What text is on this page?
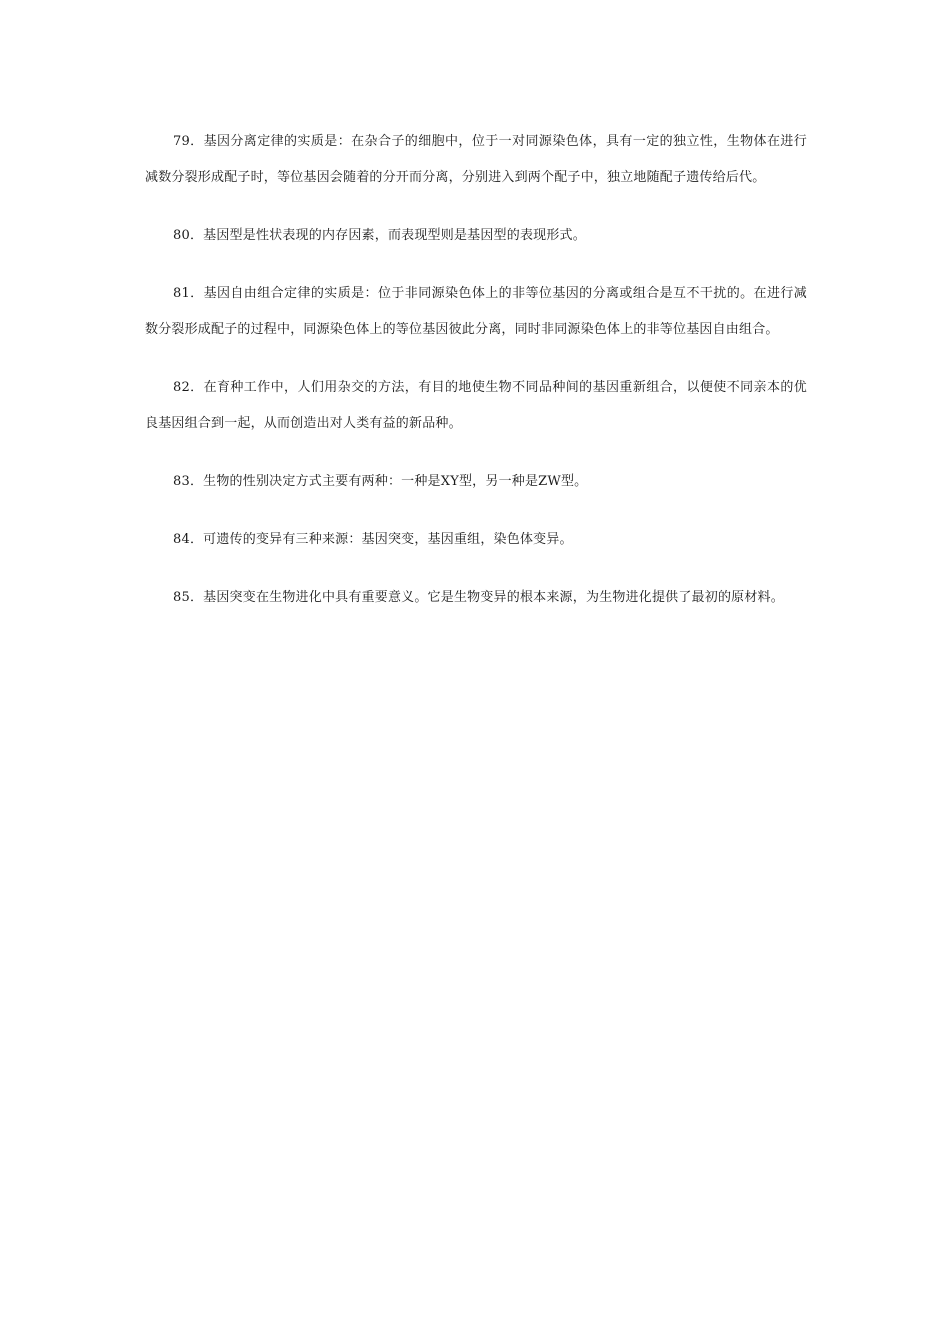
79．基因分离定律的实质是：在杂合子的细胞中，位于一对同源染色体，具有一定的独立性，生物体在进行减数分裂形成配子时，等位基因会随着的分开而分离，分别进入到两个配子中，独立地随配子遗传给后代。

80．基因型是性状表现的内存因素，而表现型则是基因型的表现形式。

81．基因自由组合定律的实质是：位于非同源染色体上的非等位基因的分离或组合是互不干扰的。在进行减数分裂形成配子的过程中，同源染色体上的等位基因彼此分离，同时非同源染色体上的非等位基因自由组合。

82．在育种工作中，人们用杂交的方法，有目的地使生物不同品种间的基因重新组合，以便使不同亲本的优良基因组合到一起，从而创造出对人类有益的新品种。

83．生物的性别决定方式主要有两种：一种是XY型，另一种是ZW型。

84．可遗传的变异有三种来源：基因突变，基因重组，染色体变异。

85．基因突变在生物进化中具有重要意义。它是生物变异的根本来源，为生物进化提供了最初的原材料。
